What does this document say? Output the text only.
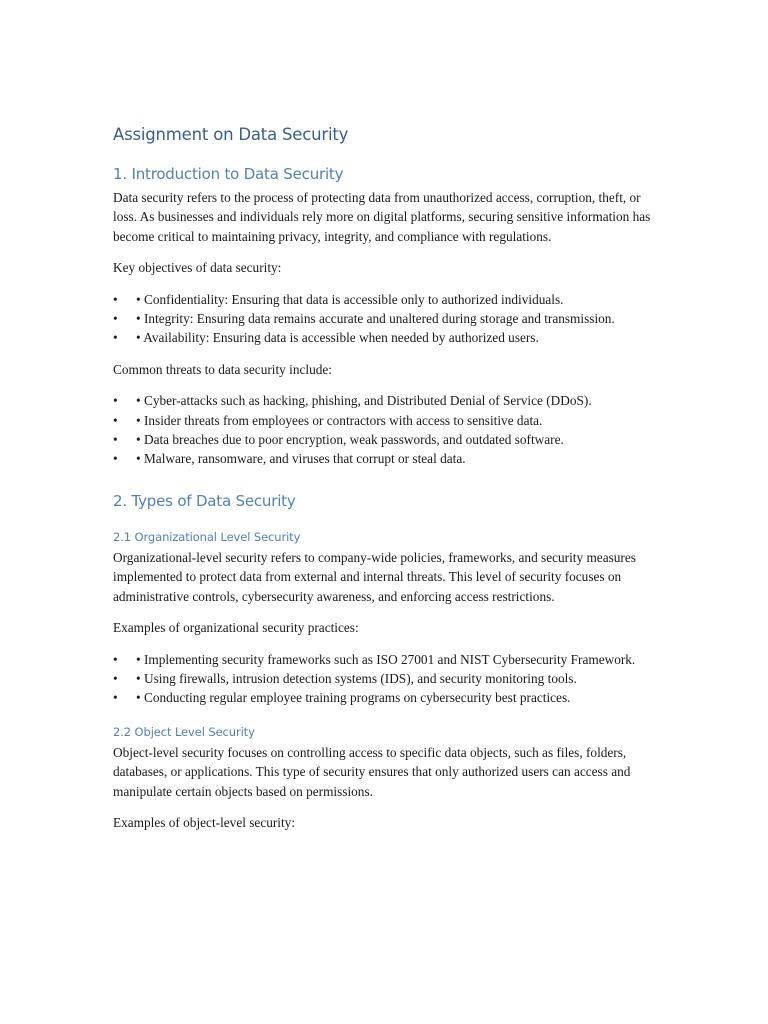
Assignment on Data Security
1. Introduction to Data Security

Data security refers to the process of protecting data from unauthorized access, corruption, theft, or loss. As businesses and individuals rely more on digital platforms, securing sensitive information has become critical to maintaining privacy, integrity, and compliance with regulations.

Key objectives of data security:

• • Confidentiality: Ensuring that data is accessible only to authorized individuals.
• • Integrity: Ensuring data remains accurate and unaltered during storage and transmission.
• • Availability: Ensuring data is accessible when needed by authorized users.

Common threats to data security include:

• • Cyber-attacks such as hacking, phishing, and Distributed Denial of Service (DDoS).
• • Insider threats from employees or contractors with access to sensitive data.
• • Data breaches due to poor encryption, weak passwords, and outdated software.
• • Malware, ransomware, and viruses that corrupt or steal data.
2. Types of Data Security
2.1 Organizational Level Security

Organizational-level security refers to company-wide policies, frameworks, and security measures implemented to protect data from external and internal threats. This level of security focuses on administrative controls, cybersecurity awareness, and enforcing access restrictions.

Examples of organizational security practices:

• • Implementing security frameworks such as ISO 27001 and NIST Cybersecurity Framework.
• • Using firewalls, intrusion detection systems (IDS), and security monitoring tools.
• • Conducting regular employee training programs on cybersecurity best practices.
2.2 Object Level Security

Object-level security focuses on controlling access to specific data objects, such as files, folders, databases, or applications. This type of security ensures that only authorized users can access and manipulate certain objects based on permissions.

Examples of object-level security:
